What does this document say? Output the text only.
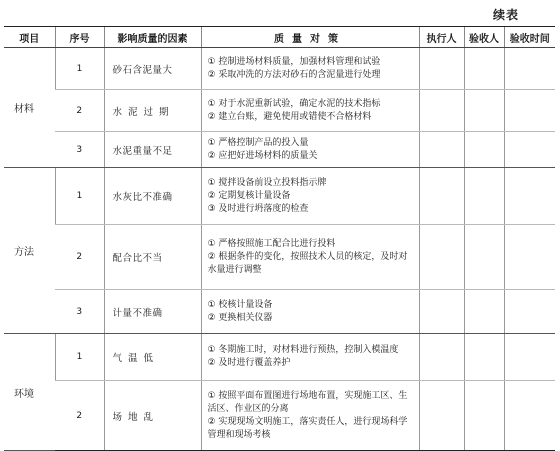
续表
项目	序号	影响质量的因素	质量对策	执行人	验收人	验收时间
材料	1	砂石含泥量大	① 控制进场材料质量，加强材料管理和试验
② 采取冲洗的方法对砂石的含泥量进行处理			

	2	水泥过期	① 对于水泥重新试验，确定水泥的技术指标
② 建立台账，避免使用或错使不合格材料			

	3	水泥重量不足	① 严格控制产品的投入量
② 应把好进场材料的质量关			

方法	1	水灰比不准确	① 搅拌设备前设立投料指示牌
② 定期复核计量设备
③ 及时进行坍落度的检查			

	2	配合比不当	① 严格按照施工配合比进行投料
② 根据条件的变化，按照技术人员的核定，及时对水量进行调整			

	3	计量不准确	① 校核计量设备
② 更换相关仪器			

环境	1	气温低	① 冬期施工时，对材料进行预热，控制入模温度
② 及时进行覆盖养护			

	2	场地乱	① 按照平面布置图进行场地布置，实现施工区、生活区、作业区的分离
② 实现现场文明施工，落实责任人，进行现场科学管理和现场考核			
